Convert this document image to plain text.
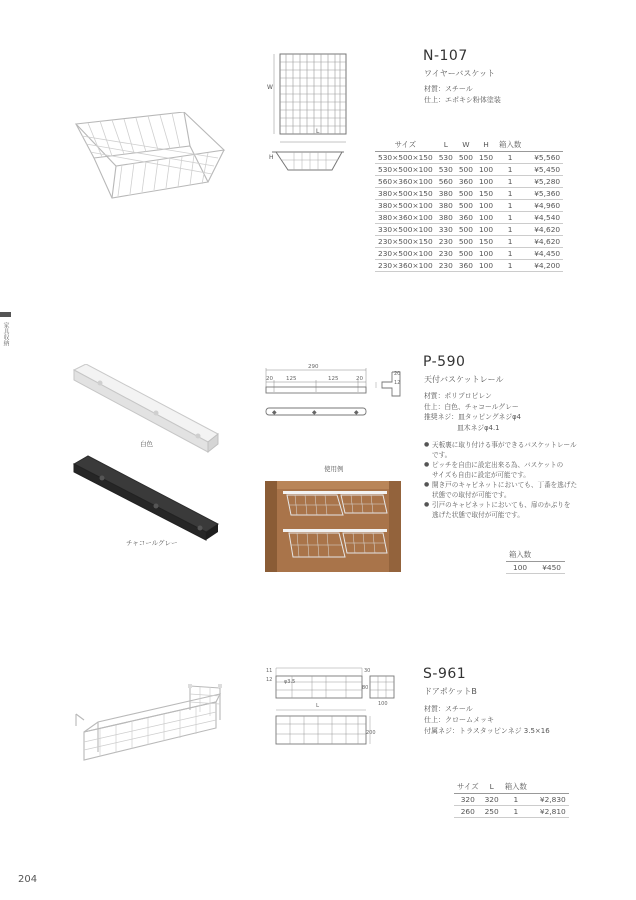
家具収納
204
W
L
H
N-107
ワイヤーバスケット
材質：スチール
仕上：エポキシ粉体塗装
サイズ	L	W	H	箱入数	
530×500×150	530	500	150	1	¥5,560
530×500×100	530	500	100	1	¥5,450
560×360×100	560	360	100	1	¥5,280
380×500×150	380	500	150	1	¥5,360
380×500×100	380	500	100	1	¥4,960
380×360×100	380	360	100	1	¥4,540
330×500×100	330	500	100	1	¥4,620
230×500×150	230	500	150	1	¥4,620
230×500×100	230	500	100	1	¥4,450
230×360×100	230	360	100	1	¥4,200
白色
チャコールグレー
◆	◆	◆
290
20 125	125	20
20
12
使用例
P-590
天付バスケットレール
材質：ポリプロピレン
仕上：白色、チャコールグレー
推奨ネジ：皿タッピングネジφ4
皿木ネジφ4.1
● 天板裏に取り付ける事ができるバスケットレール
です。
● ピッチを自由に設定出来る為、バスケットの
サイズも自由に設定が可能です。
● 開き戸のキャビネットにおいても、丁番を逃げた
状態での取付が可能です。
● 引戸のキャビネットにおいても、扉のかぶりを
逃げた状態で取付が可能です。
箱入数	
100	¥450
11
12 φ3.5
30
80
100
L
200
S-961
ドアポケットB
材質：スチール
仕上：クロームメッキ
付属ネジ：トラスタッピンネジ 3.5×16
サイズ	L	箱入数	
320	320	1	¥2,830
260	250	1	¥2,810
